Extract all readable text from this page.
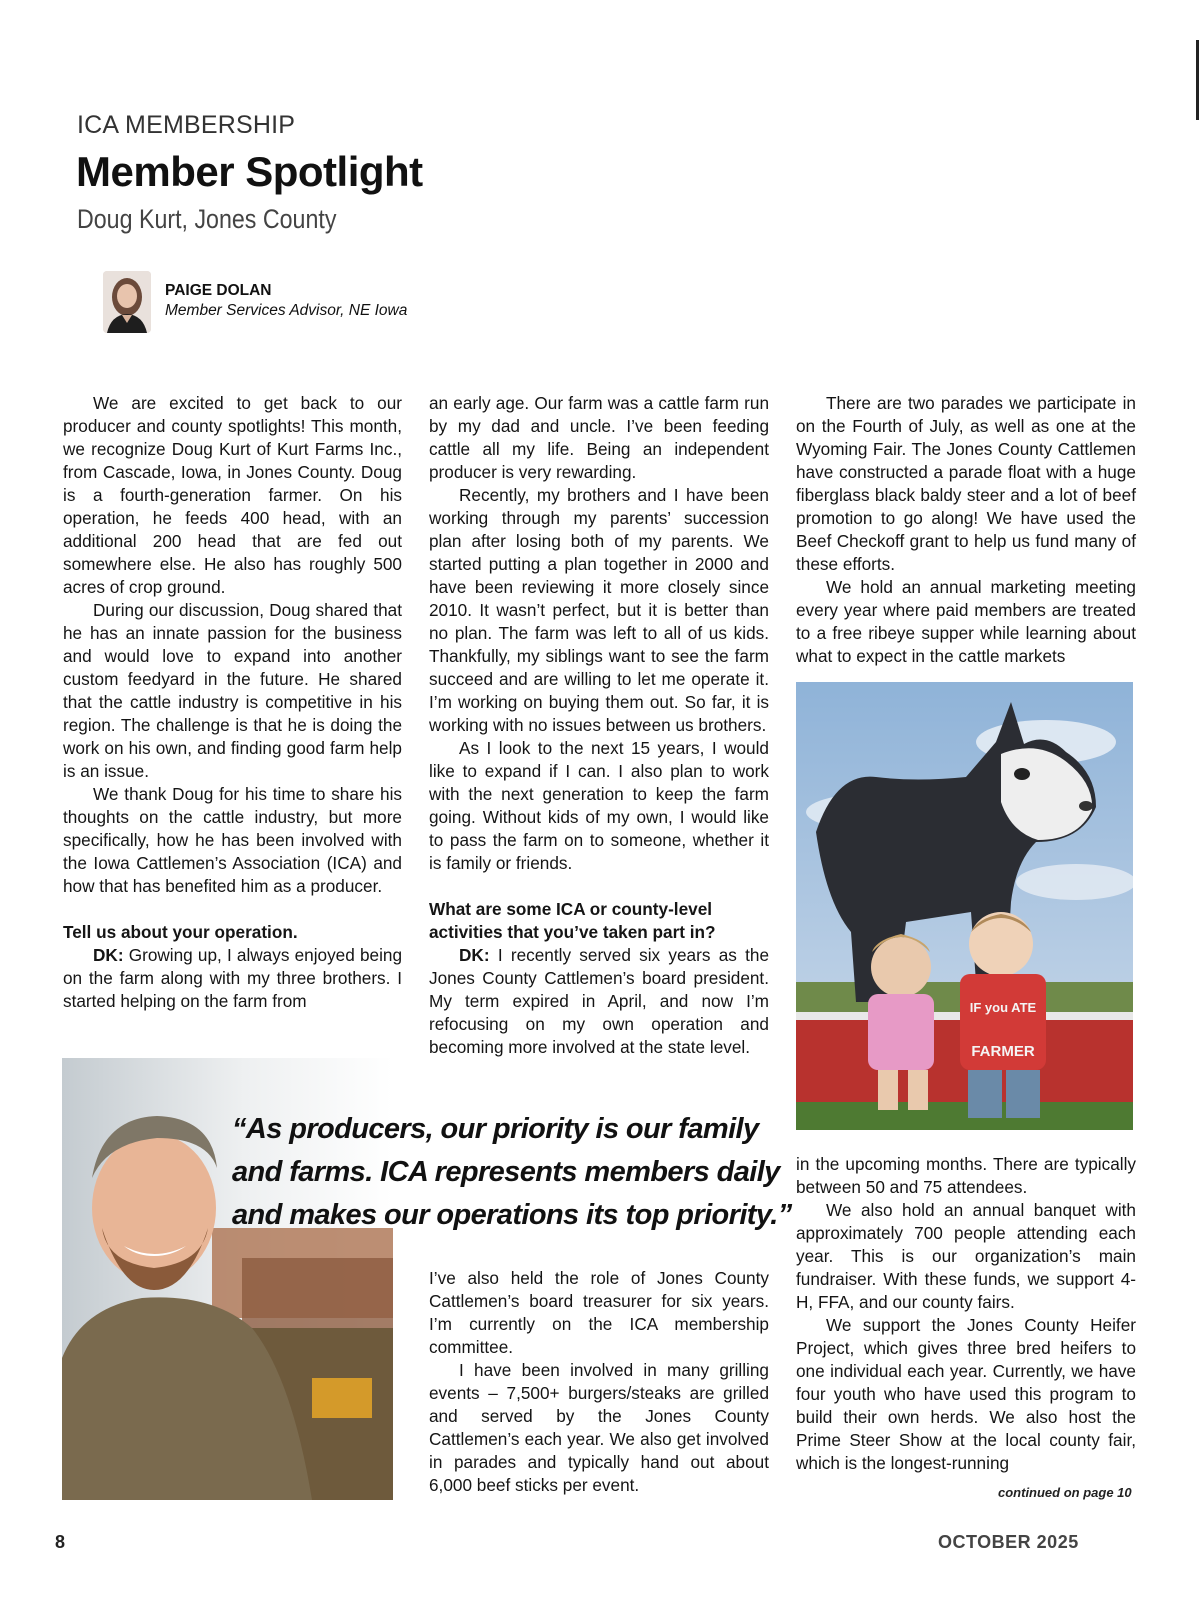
ICA MEMBERSHIP
Member Spotlight
Doug Kurt, Jones County
PAIGE DOLAN
Member Services Advisor, NE Iowa

We are excited to get back to our producer and county spotlights! This month, we recognize Doug Kurt of Kurt Farms Inc., from Cascade, Iowa, in Jones County. Doug is a fourth-generation farmer. On his operation, he feeds 400 head, with an additional 200 head that are fed out somewhere else. He also has roughly 500 acres of crop ground.

During our discussion, Doug shared that he has an innate passion for the business and would love to expand into another custom feedyard in the future. He shared that the cattle industry is competitive in his region. The challenge is that he is doing the work on his own, and finding good farm help is an issue.

We thank Doug for his time to share his thoughts on the cattle industry, but more specifically, how he has been involved with the Iowa Cattlemen’s Association (ICA) and how that has benefited him as a producer.

Tell us about your operation.

DK: Growing up, I always enjoyed being on the farm along with my three brothers. I started helping on the farm from

an early age. Our farm was a cattle farm run by my dad and uncle. I’ve been feeding cattle all my life. Being an independent producer is very rewarding.

Recently, my brothers and I have been working through my parents’ succession plan after losing both of my parents. We started putting a plan together in 2000 and have been reviewing it more closely since 2010. It wasn’t perfect, but it is better than no plan. The farm was left to all of us kids. Thankfully, my siblings want to see the farm succeed and are willing to let me operate it. I’m working on buying them out. So far, it is working with no issues between us brothers.

As I look to the next 15 years, I would like to expand if I can. I also plan to work with the next generation to keep the farm going. Without kids of my own, I would like to pass the farm on to someone, whether it is family or friends.

What are some ICA or county-level activities that you’ve taken part in?

DK: I recently served six years as the Jones County Cattlemen’s board president. My term expired in April, and now I’m refocusing on my own operation and becoming more involved at the state level.

I’ve also held the role of Jones County Cattlemen’s board treasurer for six years. I’m currently on the ICA membership committee.

I have been involved in many grilling events – 7,500+ burgers/steaks are grilled and served by the Jones County Cattlemen’s each year. We also get involved in parades and typically hand out about 6,000 beef sticks per event.

There are two parades we participate in on the Fourth of July, as well as one at the Wyoming Fair. The Jones County Cattlemen have constructed a parade float with a huge fiberglass black baldy steer and a lot of beef promotion to go along! We have used the Beef Checkoff grant to help us fund many of these efforts.

We hold an annual marketing meeting every year where paid members are treated to a free ribeye supper while learning about what to expect in the cattle markets

IF you ATE
FARMER

in the upcoming months. There are typically between 50 and 75 attendees.

We also hold an annual banquet with approximately 700 people attending each year. This is our organization’s main fundraiser. With these funds, we support 4-H, FFA, and our county fairs.

We support the Jones County Heifer Project, which gives three bred heifers to one individual each year. Currently, we have four youth who have used this program to build their own herds. We also host the Prime Steer Show at the local county fair, which is the longest-running

“As producers, our priority is our family and farms. ICA represents members daily and makes our operations its top priority.”
continued on page 10
8	OCTOBER 2025
